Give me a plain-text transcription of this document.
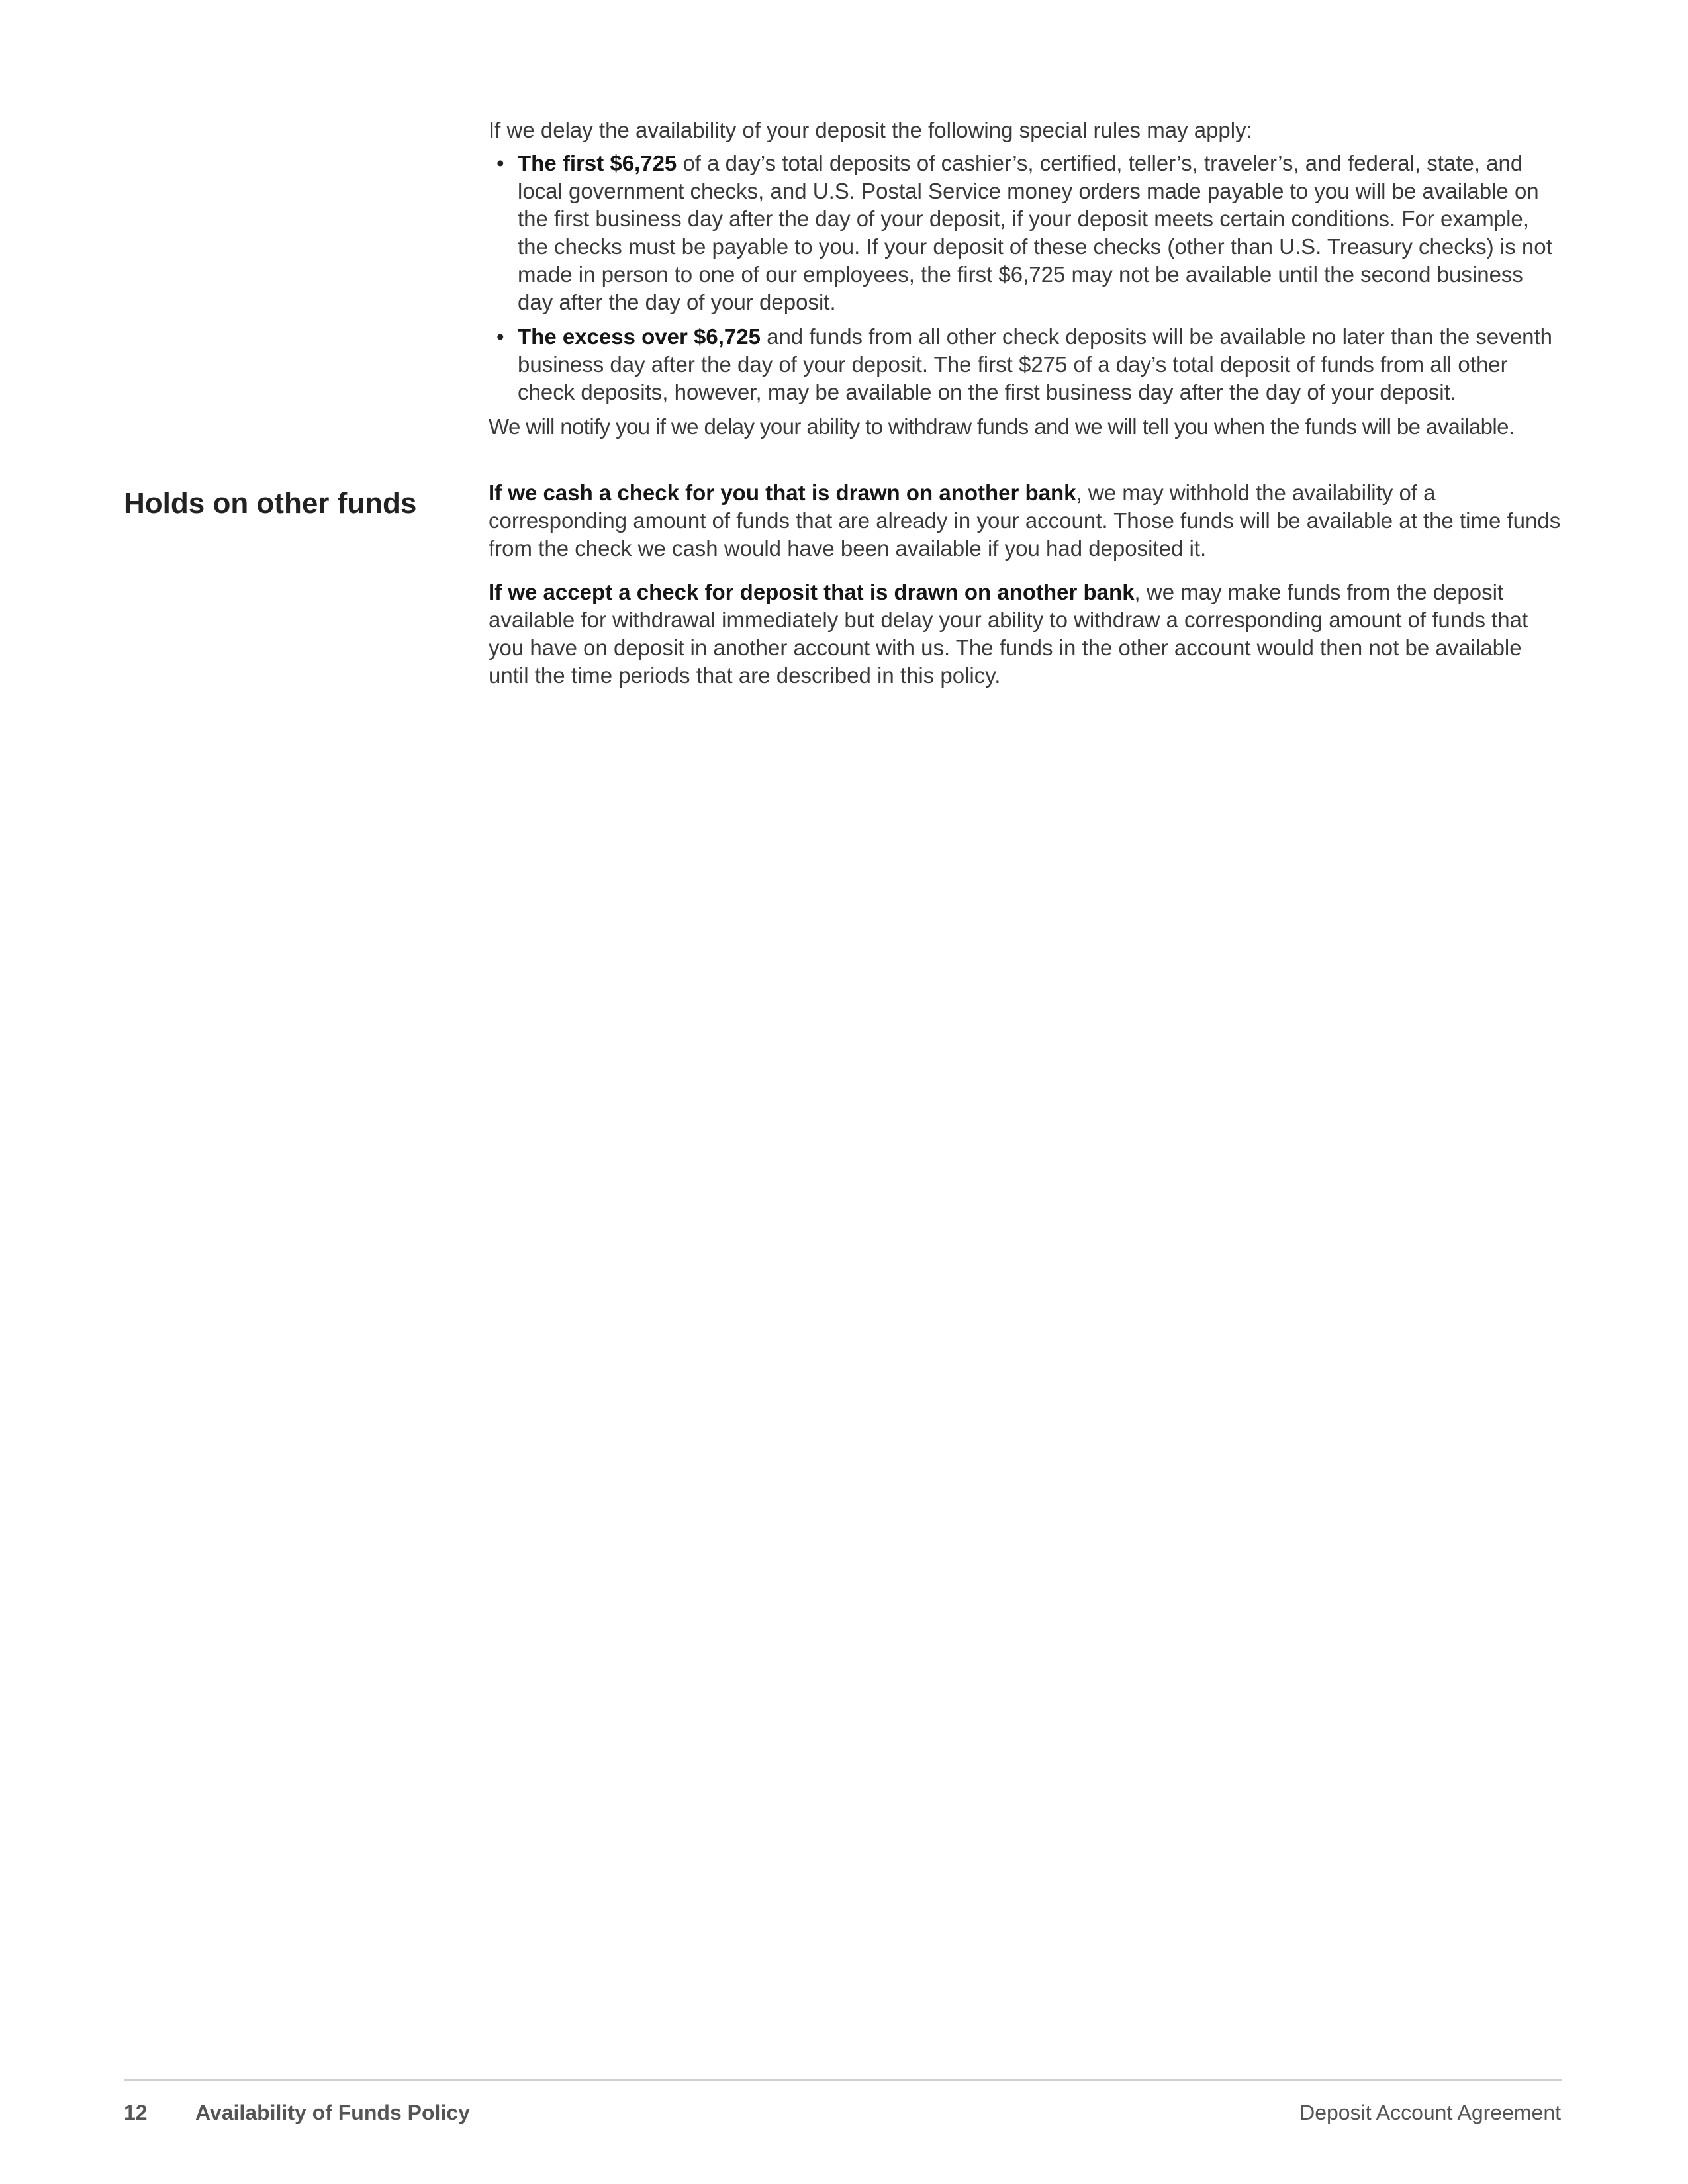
If we delay the availability of your deposit the following special rules may apply:

• The first $6,725 of a day’s total deposits of cashier’s, certified, teller’s, traveler’s, and federal, state, and local government checks, and U.S. Postal Service money orders made payable to you will be available on the first business day after the day of your deposit, if your deposit meets certain conditions. For example, the checks must be payable to you. If your deposit of these checks (other than U.S. Treasury checks) is not made in person to one of our employees, the first $6,725 may not be available until the second business day after the day of your deposit.
• The excess over $6,725 and funds from all other check deposits will be available no later than the seventh business day after the day of your deposit. The first $275 of a day’s total deposit of funds from all other check deposits, however, may be available on the first business day after the day of your deposit.

We will notify you if we delay your ability to withdraw funds and we will tell you when the funds will be available.

Holds on other funds	If we cash a check for you that is drawn on another bank, we may withhold the availability of a corresponding amount of funds that are already in your account. Those funds will be available at the time funds from the check we cash would have been available if you had deposited it.

If we accept a check for deposit that is drawn on another bank, we may make funds from the deposit available for withdrawal immediately but delay your ability to withdraw a corresponding amount of funds that you have on deposit in another account with us. The funds in the other account would then not be available until the time periods that are described in this policy.

12 Availability of Funds Policy	Deposit Account Agreement
